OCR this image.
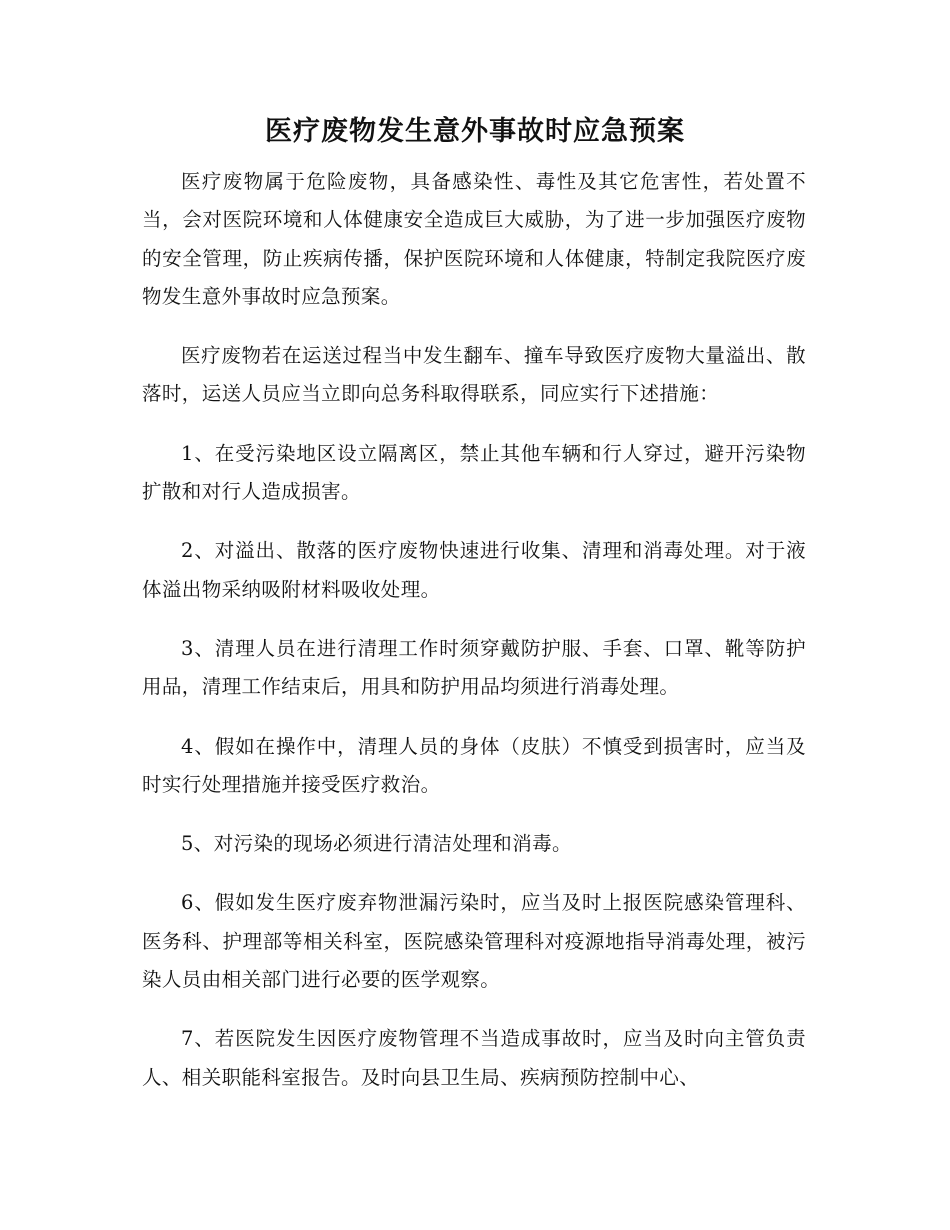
医疗废物发生意外事故时应急预案

医疗废物属于危险废物，具备感染性、毒性及其它危害性，若处置不当，会对医院环境和人体健康安全造成巨大威胁，为了进一步加强医疗废物的安全管理，防止疾病传播，保护医院环境和人体健康，特制定我院医疗废物发生意外事故时应急预案。

医疗废物若在运送过程当中发生翻车、撞车导致医疗废物大量溢出、散落时，运送人员应当立即向总务科取得联系，同应实行下述措施：

1、在受污染地区设立隔离区，禁止其他车辆和行人穿过，避开污染物扩散和对行人造成损害。

2、对溢出、散落的医疗废物快速进行收集、清理和消毒处理。对于液体溢出物采纳吸附材料吸收处理。

3、清理人员在进行清理工作时须穿戴防护服、手套、口罩、靴等防护用品，清理工作结束后，用具和防护用品均须进行消毒处理。

4、假如在操作中，清理人员的身体（皮肤）不慎受到损害时，应当及时实行处理措施并接受医疗救治。

5、对污染的现场必须进行清洁处理和消毒。

6、假如发生医疗废弃物泄漏污染时，应当及时上报医院感染管理科、医务科、护理部等相关科室，医院感染管理科对疫源地指导消毒处理，被污染人员由相关部门进行必要的医学观察。

7、若医院发生因医疗废物管理不当造成事故时，应当及时向主管负责人、相关职能科室报告。及时向县卫生局、疾病预防控制中心、
